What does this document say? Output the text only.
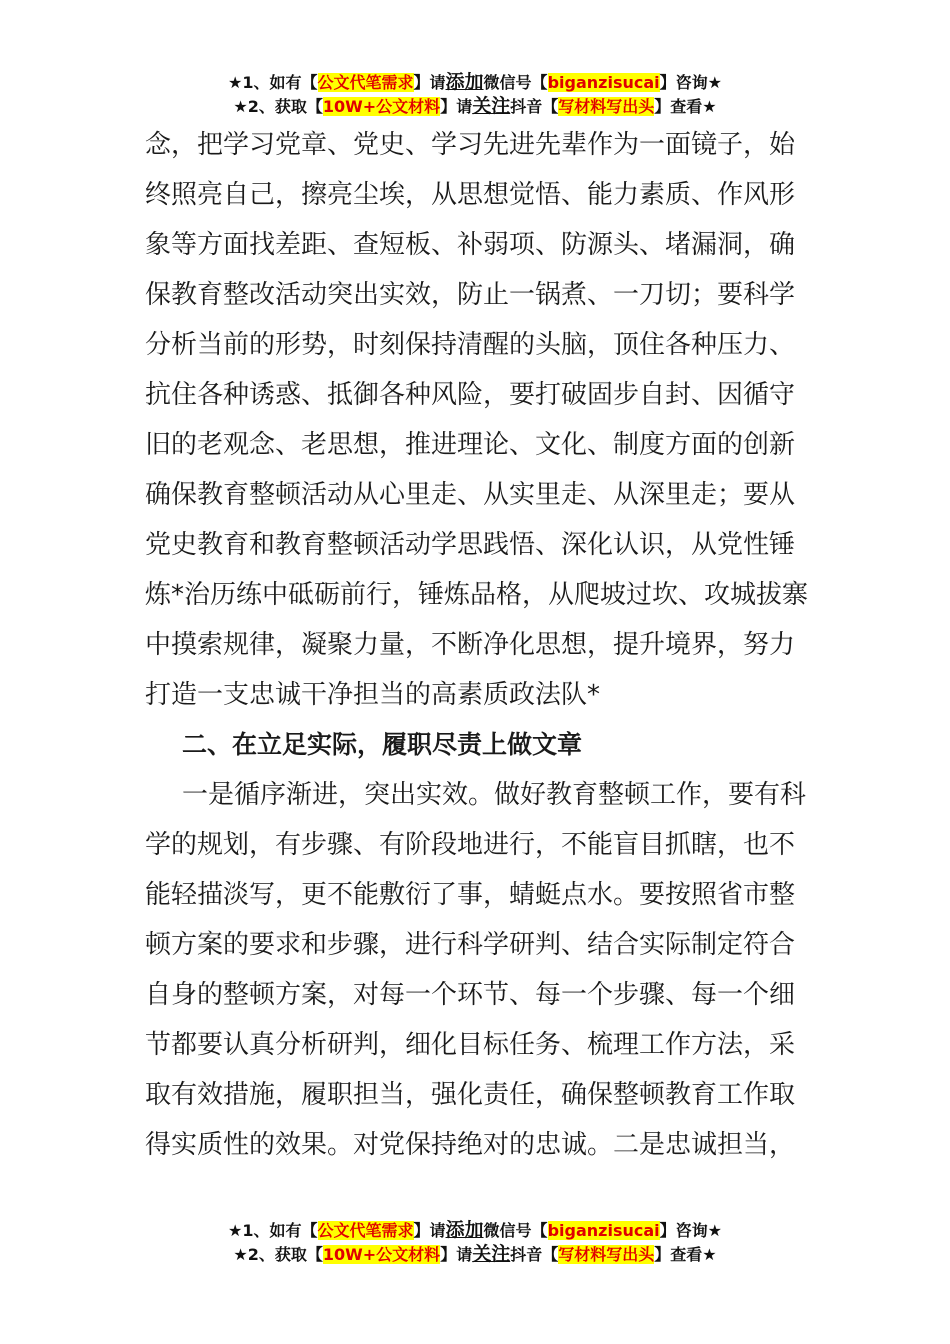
★1、如有【公文代笔需求】请添加微信号【biganzisucai】咨询★
★2、获取【10W+公文材料】请关注抖音【写材料写出头】查看★
念，把学习党章、党史、学习先进先辈作为一面镜子，始
终照亮自己，擦亮尘埃，从思想觉悟、能力素质、作风形
象等方面找差距、查短板、补弱项、防源头、堵漏洞，确
保教育整改活动突出实效，防止一锅煮、一刀切；要科学
分析当前的形势，时刻保持清醒的头脑，顶住各种压力、
抗住各种诱惑、抵御各种风险，要打破固步自封、因循守
旧的老观念、老思想，推进理论、文化、制度方面的创新
确保教育整顿活动从心里走、从实里走、从深里走；要从
党史教育和教育整顿活动学思践悟、深化认识，从党性锤
炼*治历练中砥砺前行，锤炼品格，从爬坡过坎、攻城拔寨
中摸索规律，凝聚力量，不断净化思想，提升境界，努力
打造一支忠诚干净担当的高素质政法队*
二、在立足实际，履职尽责上做文章
一是循序渐进，突出实效。做好教育整顿工作，要有科
学的规划，有步骤、有阶段地进行，不能盲目抓瞎，也不
能轻描淡写，更不能敷衍了事，蜻蜓点水。要按照省市整
顿方案的要求和步骤，进行科学研判、结合实际制定符合
自身的整顿方案，对每一个环节、每一个步骤、每一个细
节都要认真分析研判，细化目标任务、梳理工作方法，采
取有效措施，履职担当，强化责任，确保整顿教育工作取
得实质性的效果。对党保持绝对的忠诚。二是忠诚担当，
★1、如有【公文代笔需求】请添加微信号【biganzisucai】咨询★
★2、获取【10W+公文材料】请关注抖音【写材料写出头】查看★
